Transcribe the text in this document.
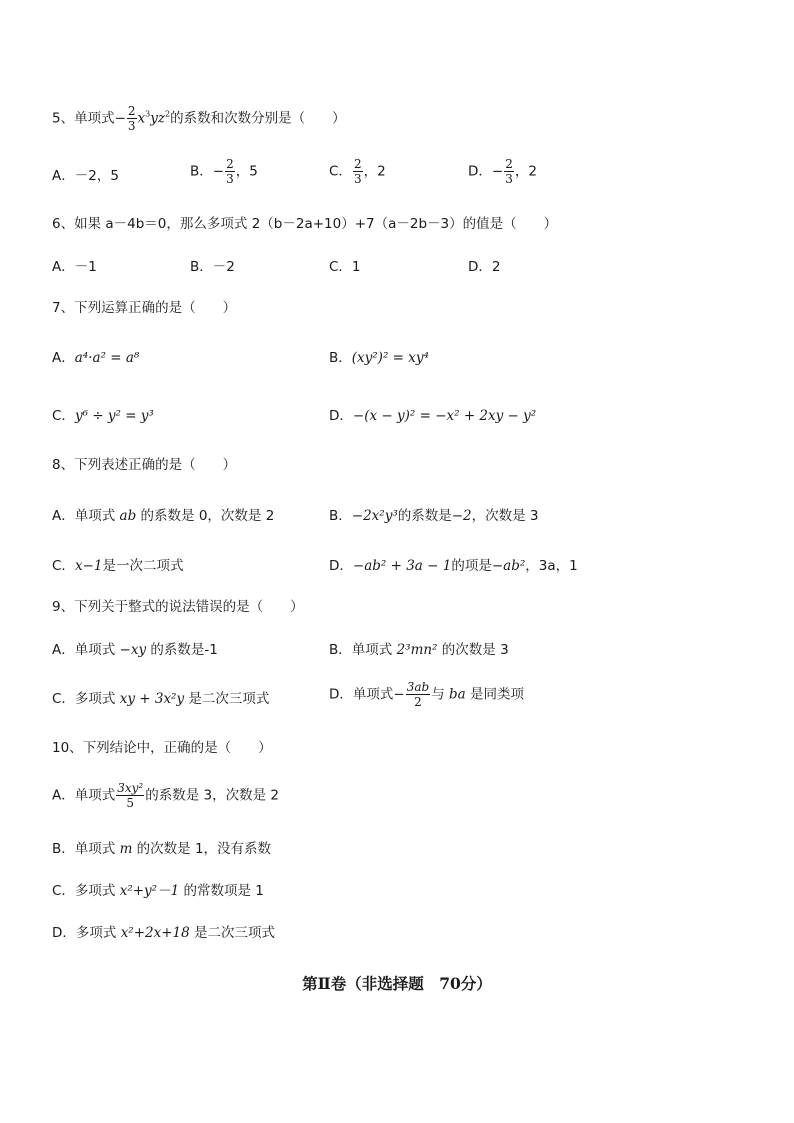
5、单项式− $\frac{2}{3} x^3yz^2$的系数和次数分别是（　　）
A．－2，5	B．− $\frac{2}{3}$ ，5	C． $\frac{2}{3}$ ，2	D．− $\frac{2}{3}$ ，2
6、如果 a－4b＝0，那么多项式 2（b－2a+10）+7（a－2b－3）的值是（　　）
A．－1	B．－2	C．1	D．2
7、下列运算正确的是（　　）
A．a⁴·a² = a⁸	B．(xy²)² = xy⁴
C．y⁶ ÷ y² = y³	D．−(x − y)² = −x² + 2xy − y²
8、下列表述正确的是（　　）
A．单项式 ab 的系数是 0，次数是 2	B．−2x²y³的系数是−2，次数是 3
C．x−1是一次二项式	D．−ab² + 3a − 1的项是−ab²，3a，1
9、下列关于整式的说法错误的是（　　）
A．单项式 −xy 的系数是-1	B．单项式 2³mn² 的次数是 3
C．多项式 xy + 3x²y 是二次三项式	D．单项式− $\frac{3ab}{2}$ 与 ba 是同类项
10、下列结论中，正确的是（　　）
A．单项式 $\frac{\text{3xy²}}{5}$ 的系数是 3，次数是 2
B．单项式 m 的次数是 1，没有系数
C．多项式 x²+y²－1 的常数项是 1
D．多项式 x²+2x+18 是二次三项式
第Ⅱ卷（非选择题　70分）
